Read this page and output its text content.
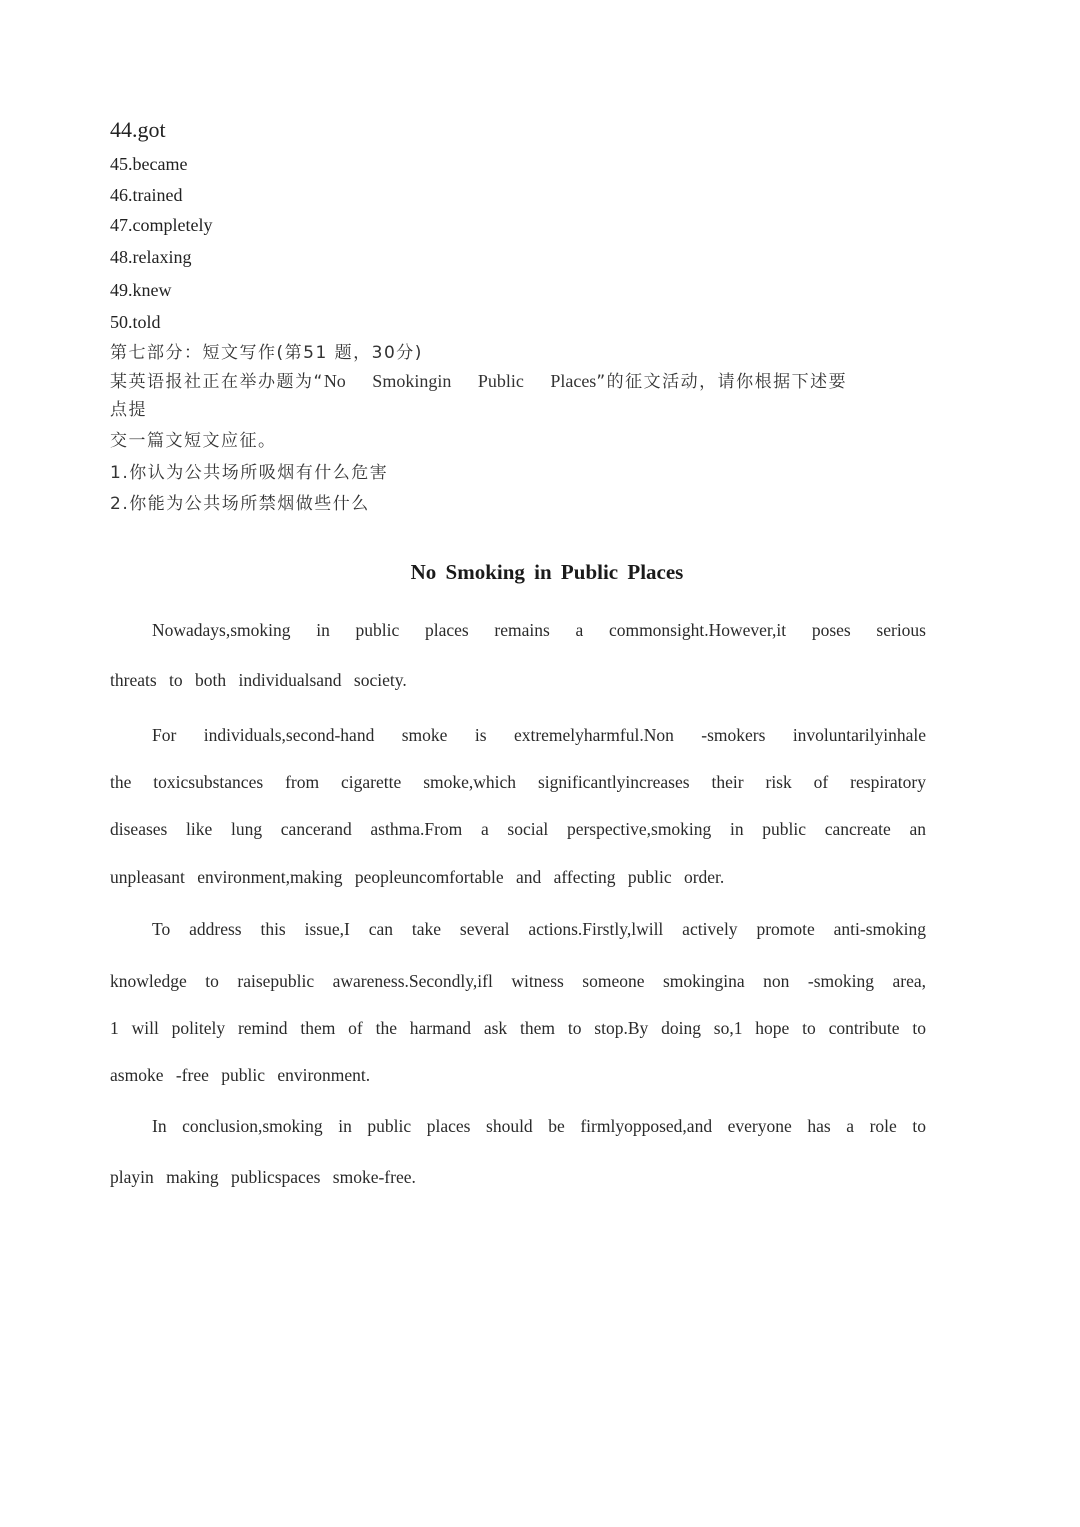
44.got
45.became
46.trained
47.completely
48.relaxing
49.knew
50.told
第七部分：短文写作(第51 题，30分)
某英语报社正在举办题为“No Smokingin Public Places”的征文活动，请你根据下述要
点提
交一篇文短文应征。
1.你认为公共场所吸烟有什么危害
2.你能为公共场所禁烟做些什么
No Smoking in Public Places
Nowadays,smoking in public places remains a commonsight.However,it poses serious
threats to both individualsand society.
For individuals,second-hand smoke is extremelyharmful.Non -smokers involuntarilyinhale
the toxicsubstances from cigarette smoke,which significantlyincreases their risk of respiratory
diseases like lung cancerand asthma.From a social perspective,smoking in public cancreate an
unpleasant environment,making peopleuncomfortable and affecting public order.
To address this issue,I can take several actions.Firstly,lwill actively promote anti-smoking
knowledge to raisepublic awareness.Secondly,ifl witness someone smokingina non -smoking area,
1 will politely remind them of the harmand ask them to stop.By doing so,1 hope to contribute to
asmoke -free public environment.
In conclusion,smoking in public places should be firmlyopposed,and everyone has a role to
playin making publicspaces smoke-free.
